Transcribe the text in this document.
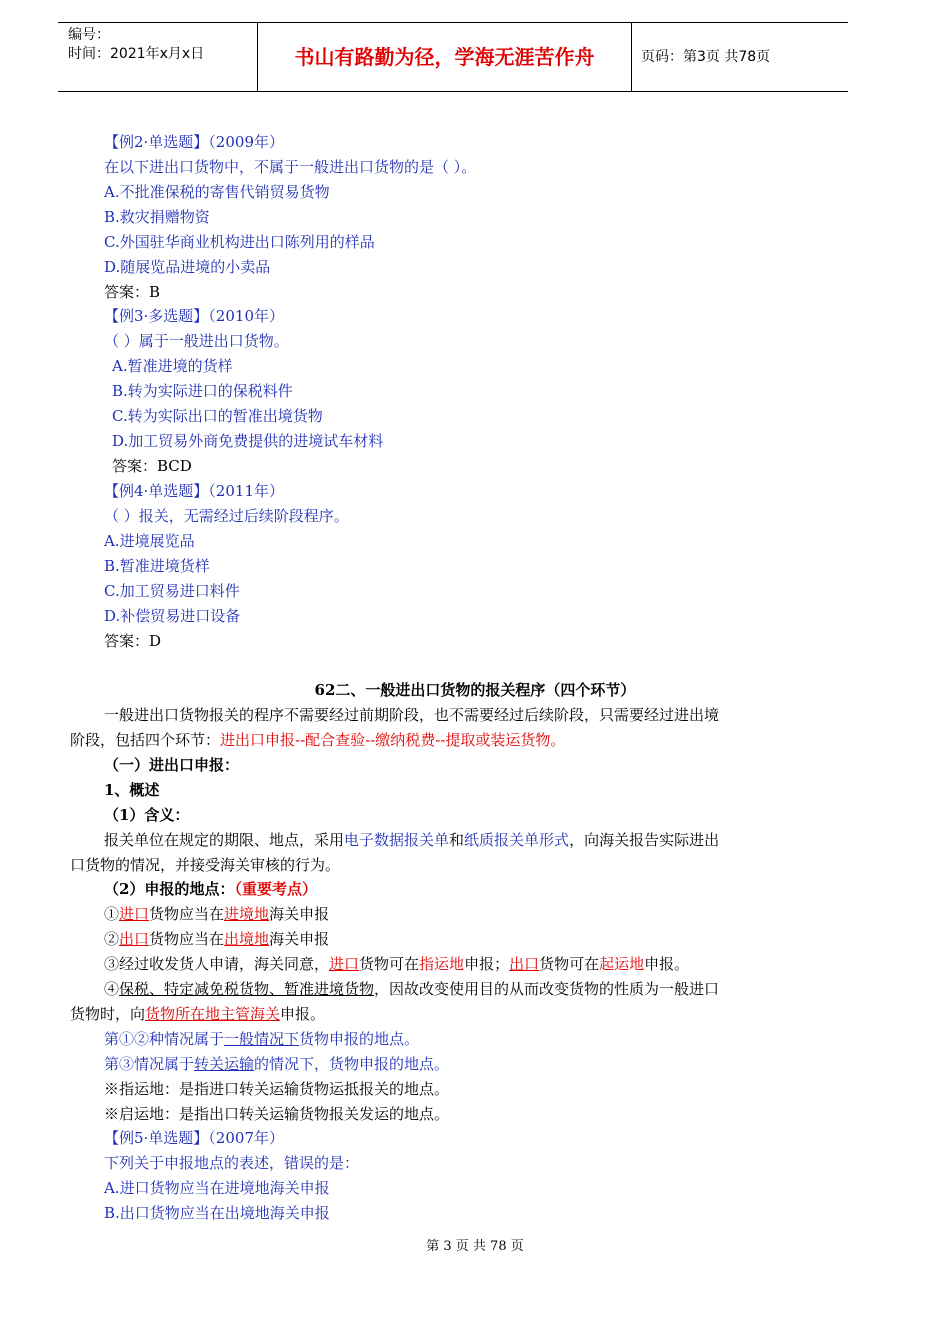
编号：
时间：2021年x月x日	书山有路勤为径，学海无涯苦作舟	页码：第3页 共78页
【例2·单选题】（2009年）
在以下进出口货物中，不属于一般进出口货物的是（ ）。
A.不批准保税的寄售代销贸易货物
B.救灾捐赠物资
C.外国驻华商业机构进出口陈列用的样品
D.随展览品进境的小卖品
答案：B
【例3·多选题】（2010年）
（ ）属于一般进出口货物。
A.暂准进境的货样
B.转为实际进口的保税料件
C.转为实际出口的暂准出境货物
D.加工贸易外商免费提供的进境试车材料
答案：BCD
【例4·单选题】（2011年）
（ ）报关，无需经过后续阶段程序。
A.进境展览品
B.暂准进境货样
C.加工贸易进口料件
D.补偿贸易进口设备
答案：D
62二、一般进出口货物的报关程序（四个环节）
一般进出口货物报关的程序不需要经过前期阶段，也不需要经过后续阶段，只需要经过进出境
阶段，包括四个环节：进出口申报--配合查验--缴纳税费--提取或装运货物。
（一）进出口申报：
1、概述
（1）含义：
报关单位在规定的期限、地点，采用电子数据报关单和纸质报关单形式，向海关报告实际进出
口货物的情况，并接受海关审核的行为。
（2）申报的地点：（重要考点）
①进口货物应当在进境地海关申报
②出口货物应当在出境地海关申报
③经过收发货人申请，海关同意，进口货物可在指运地申报；出口货物可在起运地申报。
④保税、特定减免税货物、暂准进境货物，因故改变使用目的从而改变货物的性质为一般进口
货物时，向货物所在地主管海关申报。
第①②种情况属于一般情况下货物申报的地点。
第③情况属于转关运输的情况下，货物申报的地点。
※指运地：是指进口转关运输货物运抵报关的地点。
※启运地：是指出口转关运输货物报关发运的地点。
【例5·单选题】（2007年）
下列关于申报地点的表述，错误的是：
A.进口货物应当在进境地海关申报
B.出口货物应当在出境地海关申报
第 3 页 共 78 页
